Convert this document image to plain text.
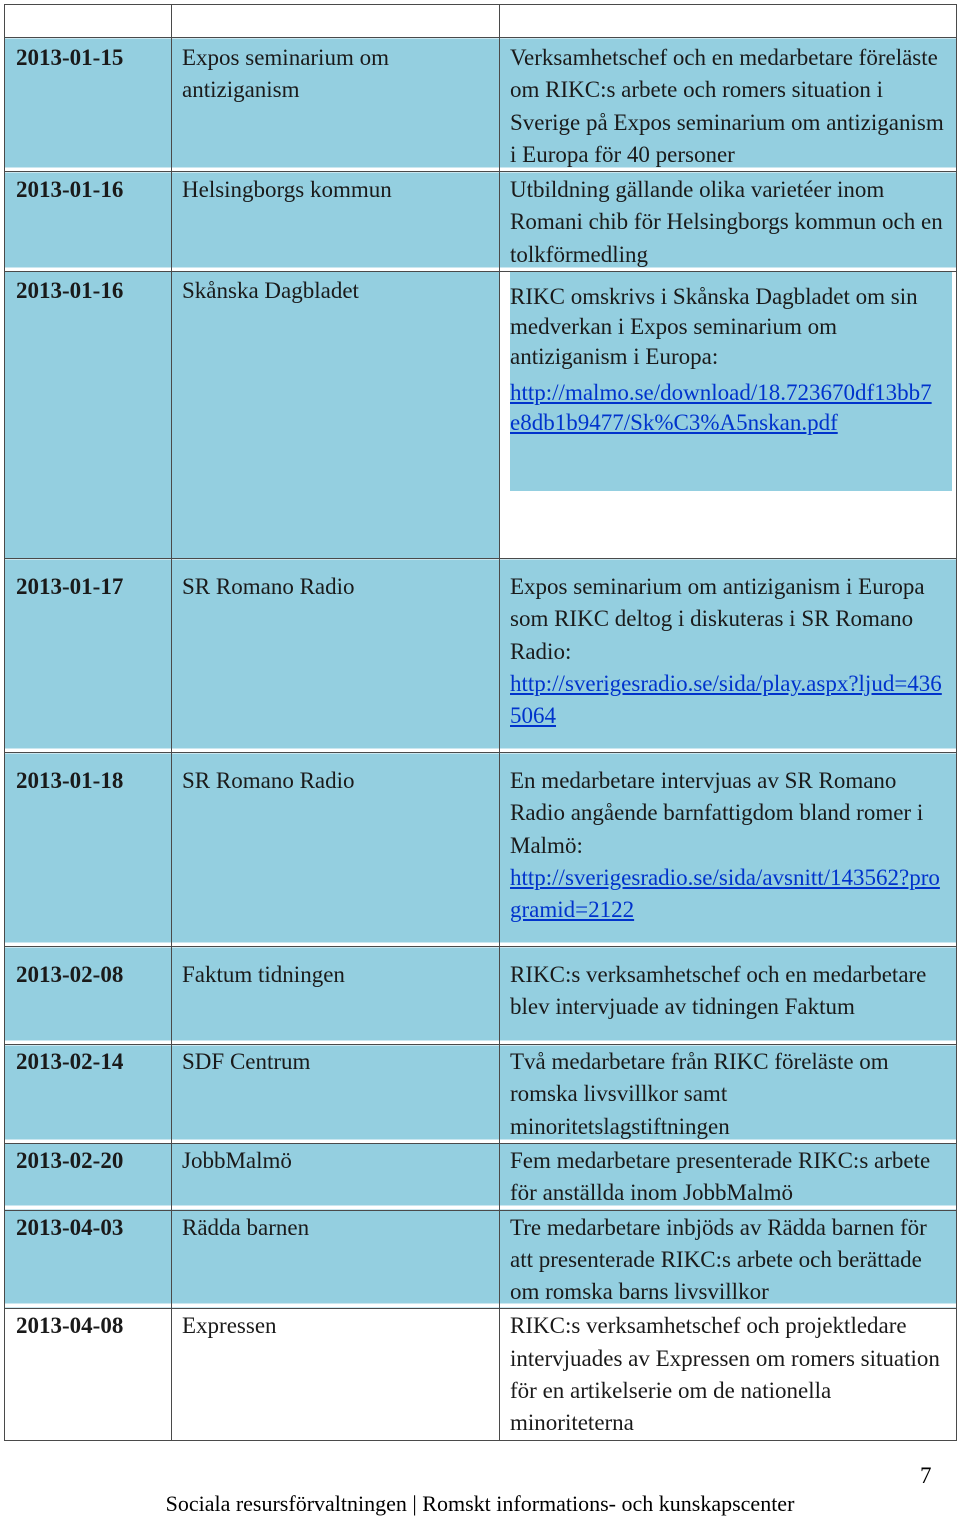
2013-01-15	Expos seminarium om antiziganism	Verksamhetschef och en medarbetare föreläste om RIKC:s arbete och romers situation i Sverige på Expos seminarium om antiziganism i Europa för 40 personer

2013-01-16	Helsingborgs kommun	Utbildning gällande olika varietéer inom Romani chib för Helsingborgs kommun och en tolkförmedling

2013-01-16	Skånska Dagbladet	RIKC omskrivs i Skånska Dagbladet om sin medverkan i Expos seminarium om antiziganism i Europa:
http://malmo.se/download/18.723670df13bb7e8db1b9477/Sk%C3%A5nskan.pdf

2013-01-17	SR Romano Radio	Expos seminarium om antiziganism i Europa som RIKC deltog i diskuteras i SR Romano Radio:
http://sverigesradio.se/sida/play.aspx?ljud=4365064

2013-01-18	SR Romano Radio	En medarbetare intervjuas av SR Romano Radio angående barnfattigdom bland romer i Malmö:
http://sverigesradio.se/sida/avsnitt/143562?programid=2122

2013-02-08	Faktum tidningen	RIKC:s verksamhetschef och en medarbetare blev intervjuade av tidningen Faktum

2013-02-14	SDF Centrum	Två medarbetare från RIKC föreläste om romska livsvillkor samt minoritetslagstiftningen

2013-02-20	JobbMalmö	Fem medarbetare presenterade RIKC:s arbete för anställda inom JobbMalmö

2013-04-03	Rädda barnen	Tre medarbetare inbjöds av Rädda barnen för att presenterade RIKC:s arbete och berättade om romska barns livsvillkor

2013-04-08	Expressen	RIKC:s verksamhetschef och projektledare intervjuades av Expressen om romers situation för en artikelserie om de nationella minoriteterna
7
Sociala resursförvaltningen | Romskt informations- och kunskapscenter
